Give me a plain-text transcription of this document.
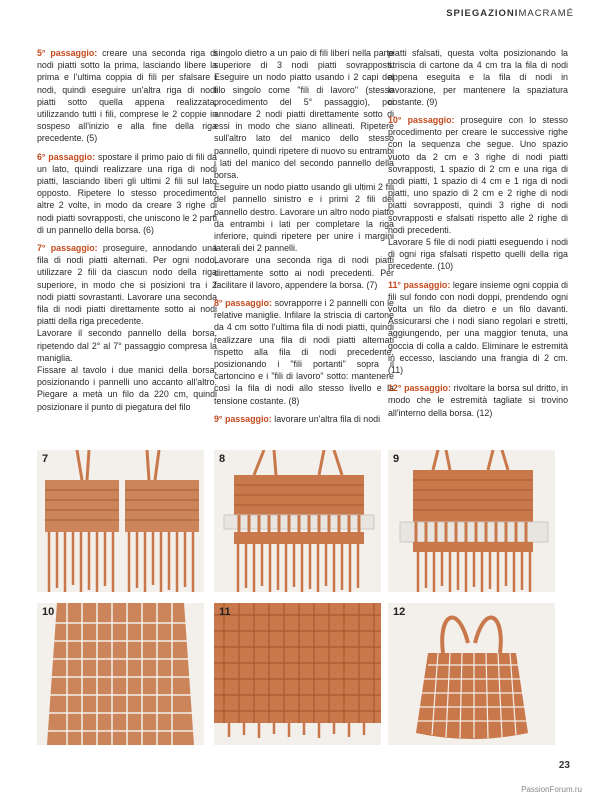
SPIEGAZIONIMACRAMÉ

5° passaggio: creare una seconda riga di nodi piatti sotto la prima, lasciando libere la prima e l'ultima coppia di fili per sfalsare i nodi, quindi eseguire un'altra riga di nodi piatti sotto quella appena realizzata, utilizzando tutti i fili, comprese le 2 coppie in sospeso all'inizio e alla fine della riga precedente. (5)

6° passaggio: spostare il primo paio di fili da un lato, quindi realizzare una riga di nodi piatti, lasciando liberi gli ultimi 2 fili sul lato opposto. Ripetere lo stesso procedimento altre 2 volte, in modo da creare 3 righe di nodi piatti sovrapposti, che uniscono le 2 parti di un pannello della borsa. (6)

7° passaggio: proseguire, annodando una fila di nodi piatti alternati. Per ogni nodo, utilizzare 2 fili da ciascun nodo della riga superiore, in modo che si posizioni tra i 2 nodi piatti sovrastanti. Lavorare una seconda fila di nodi piatti direttamente sotto ai nodi piatti della riga precedente.

Lavorare il secondo pannello della borsa, ripetendo dal 2° al 7° passaggio compresa la maniglia.

Fissare al tavolo i due manici della borsa, posizionando i pannelli uno accanto all'altro. Piegare a metà un filo da 220 cm, quindi posizionare il punto di piegatura del filo

singolo dietro a un paio di fili liberi nella parte superiore di 3 nodi piatti sovrapposti. Eseguire un nodo piatto usando i 2 capi del filo singolo come "fili di lavoro" (stesso procedimento del 5° passaggio), poi annodare 2 nodi piatti direttamente sotto di essi in modo che siano allineati. Ripetere sull'altro lato del manico dello stesso pannello, quindi ripetere di nuovo su entrambi i lati del manico del secondo pannello della borsa.

Eseguire un nodo piatto usando gli ultimi 2 fili del pannello sinistro e i primi 2 fili del pannello destro. Lavorare un altro nodo piatto da entrambi i lati per completare la riga inferiore, quindi ripetere per unire i margini laterali dei 2 pannelli.

Lavorare una seconda riga di nodi piatti direttamente sotto ai nodi precedenti. Per facilitare il lavoro, appendere la borsa. (7)

8° passaggio: sovrapporre i 2 pannelli con le relative maniglie. Infilare la striscia di cartone da 4 cm sotto l'ultima fila di nodi piatti, quindi realizzare una fila di nodi piatti alternati rispetto alla fila di nodi precedente, posizionando i "fili portanti" sopra il cartoncino e i "fili di lavoro" sotto: mantenere così la fila di nodi allo stesso livello e la tensione costante. (8)

9° passaggio: lavorare un'altra fila di nodi

piatti sfalsati, questa volta posizionando la striscia di cartone da 4 cm tra la fila di nodi appena eseguita e la fila di nodi in lavorazione, per mantenere la spaziatura costante. (9)

10° passaggio: proseguire con lo stesso procedimento per creare le successive righe con la sequenza che segue. Uno spazio vuoto da 2 cm e 3 righe di nodi piatti sovrapposti, 1 spazio di 2 cm e una riga di nodi piatti, 1 spazio di 4 cm e 1 riga di nodi piatti, uno spazio di 2 cm e 2 righe di nodi piatti sovrapposti, quindi 3 righe di nodi sovrapposti e sfalsati rispetto alle 2 righe di nodi precedenti.

Lavorare 5 file di nodi piatti eseguendo i nodi di ogni riga sfalsati rispetto quelli della riga precedente. (10)

11° passaggio: legare insieme ogni coppia di fili sul fondo con nodi doppi, prendendo ogni volta un filo da dietro e un filo davanti. Assicurarsi che i nodi siano regolari e stretti, aggiungendo, per una maggior tenuta, una goccia di colla a caldo. Eliminare le estremità in eccesso, lasciando una frangia di 2 cm. (11)

12° passaggio: rivoltare la borsa sul dritto, in modo che le estremità tagliate si trovino all'interno della borsa. (12)

7	8	9
10	11	12
23
PassionForum.ru
